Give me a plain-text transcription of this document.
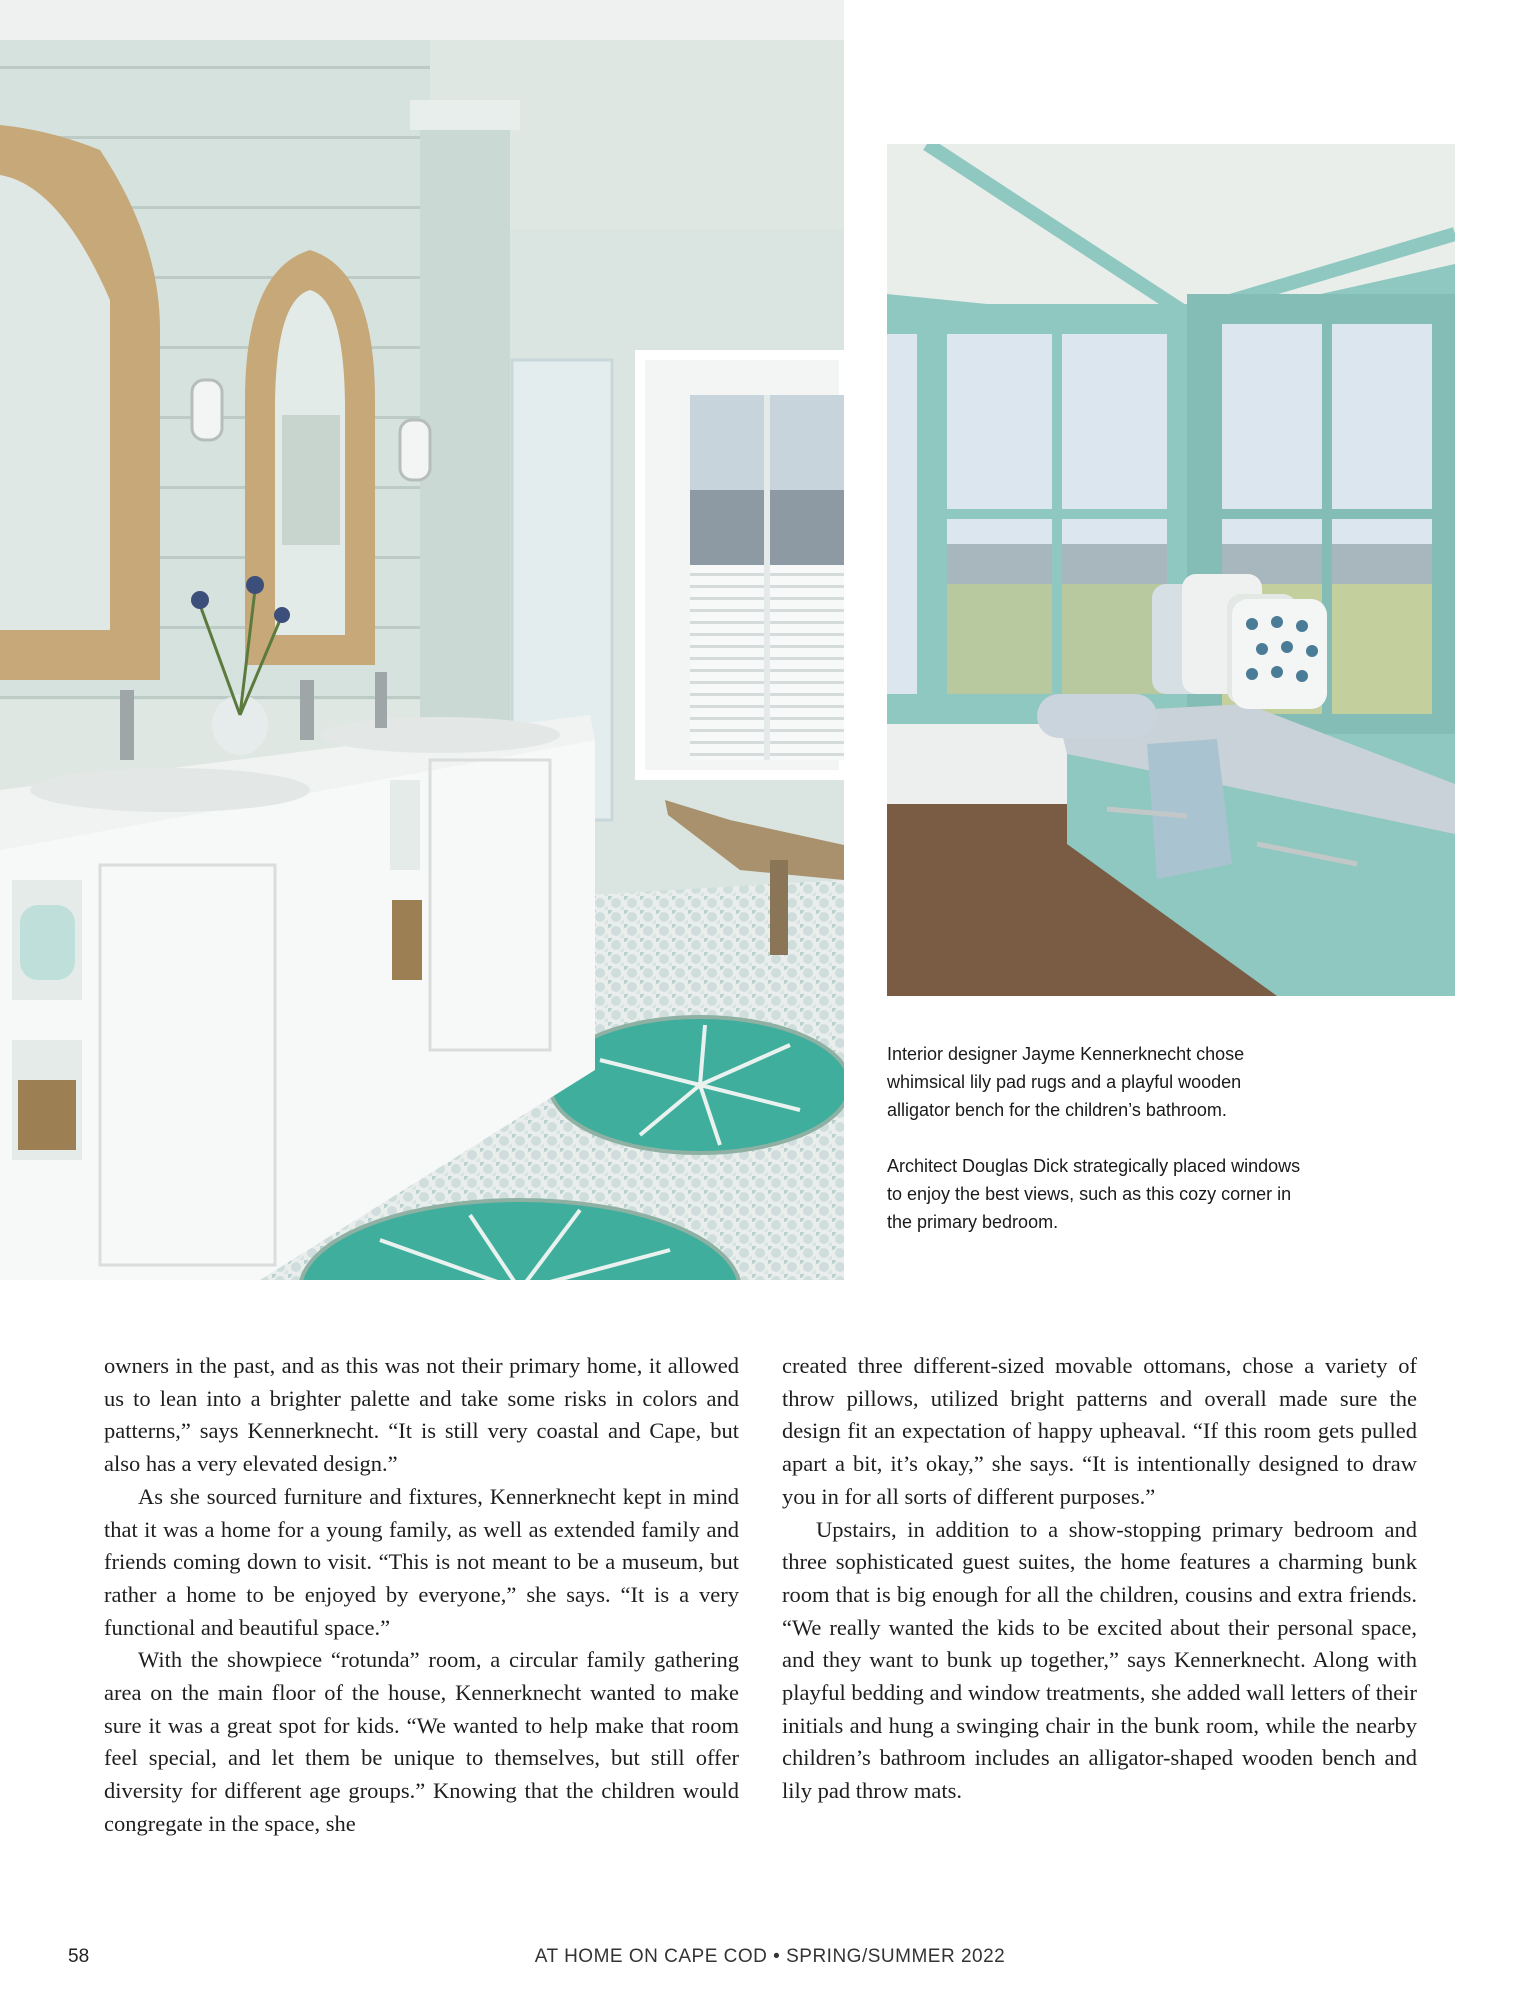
Interior designer Jayme Kennerknecht chose whimsical lily pad rugs and a playful wooden alligator bench for the children’s bathroom.

Architect Douglas Dick strategically placed windows to enjoy the best views, such as this cozy corner in the primary bedroom.

owners in the past, and as this was not their primary home, it allowed us to lean into a brighter palette and take some risks in colors and patterns,” says Kennerknecht. “It is still very coastal and Cape, but also has a very elevated design.”

As she sourced furniture and fixtures, Kennerknecht kept in mind that it was a home for a young family, as well as extended family and friends coming down to visit. “This is not meant to be a museum, but rather a home to be enjoyed by everyone,” she says. “It is a very functional and beautiful space.”

With the showpiece “rotunda” room, a circular family gathering area on the main floor of the house, Kennerknecht wanted to make sure it was a great spot for kids. “We wanted to help make that room feel special, and let them be unique to themselves, but still offer diversity for different age groups.” Knowing that the children would congregate in the space, she

created three different-sized movable ottomans, chose a variety of throw pillows, utilized bright patterns and overall made sure the design fit an expectation of happy upheaval. “If this room gets pulled apart a bit, it’s okay,” she says. “It is intentionally designed to draw you in for all sorts of different purposes.”

Upstairs, in addition to a show-stopping primary bedroom and three sophisticated guest suites, the home features a charming bunk room that is big enough for all the children, cousins and extra friends. “We really wanted the kids to be excited about their personal space, and they want to bunk up together,” says Kennerknecht. Along with playful bedding and window treatments, she added wall letters of their initials and hung a swinging chair in the bunk room, while the nearby children’s bathroom includes an alligator-shaped wooden bench and lily pad throw mats.

58	AT HOME ON CAPE COD • SPRING/SUMMER 2022
